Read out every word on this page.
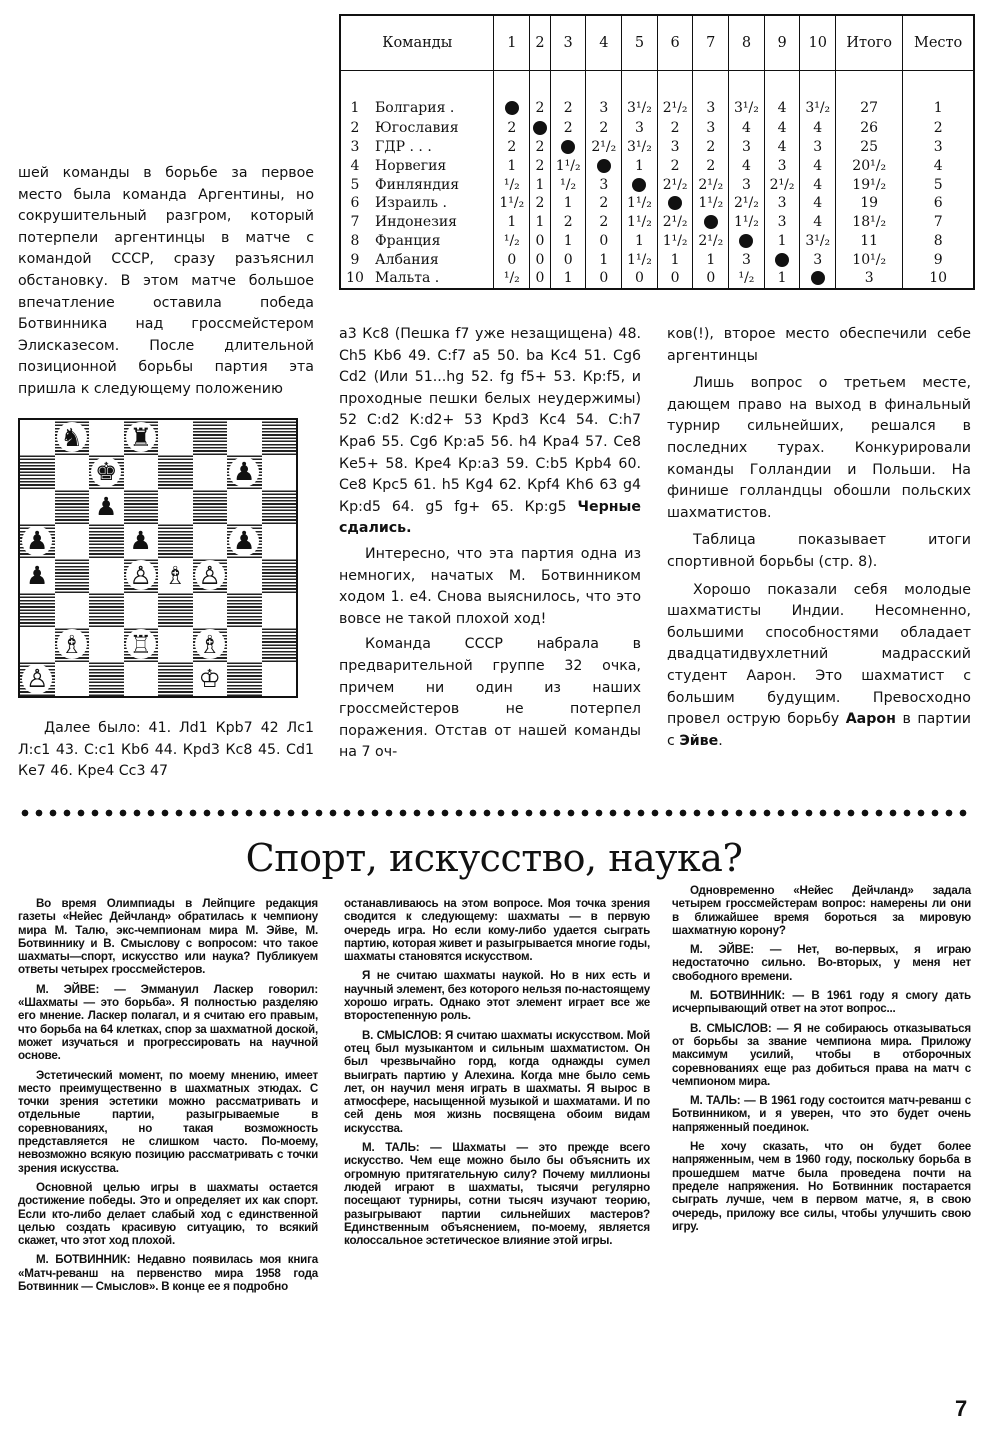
Команды		1	2	3	4	5	6	7	8	9	10	Итого	Место
1	Болгария .		2	2	3	3¹/₂	2¹/₂	3	3¹/₂	4	3¹/₂	27	1
2	Югославия	2		2	2	3	2	3	4	4	4	26	2
3	ГДР . . .	2	2		2¹/₂	3¹/₂	3	2	3	4	3	25	3
4	Норвегия	1	2	1¹/₂		1	2	2	4	3	4	20¹/₂	4
5	Финляндия	¹/₂	1	¹/₂	3		2¹/₂	2¹/₂	3	2¹/₂	4	19¹/₂	5
6	Израиль .	1¹/₂	2	1	2	1¹/₂		1¹/₂	2¹/₂	3	4	19	6
7	Индонезия	1	1	2	2	1¹/₂	2¹/₂		1¹/₂	3	4	18¹/₂	7
8	Франция	¹/₂	0	1	0	1	1¹/₂	2¹/₂		1	3¹/₂	11	8
9	Албания	0	0	0	1	1¹/₂	1	1	3		3	10¹/₂	9
10	Мальта .	¹/₂	0	1	0	0	0	0	¹/₂	1		3	10

шей команды в борьбе за первое место была команда Аргентины, но сокрушительный разгром, который потерпели аргентинцы в матче с командой СССР, сразу разъяснил обстановку. В этом матче большое впечатление оставила победа Ботвинника над гроссмейстером Элисказесом. После длительной позиционной борьбы партия эта пришла к следующему положению

♞ ♜
♚	♟
♟
♟	♟	♟
♟	♙ ♗ ♙
♗ ♖ ♗
♙	♔

Далее было: 41. Лd1 Крb7 42 Лс1 Л:с1 43. С:с1 Кb6 44. Крd3 Кс8 45. Сd1 Ке7 46. Кре4 Сс3 47

а3 Кс8 (Пешка f7 уже незащищена) 48. Сh5 Кb6 49. С:f7 а5 50. bа Кс4 51. Сg6 Сd2 (Или 51...hg 52. fg f5+ 53. Кр:f5, и проходные пешки белых неудержимы) 52 С:d2 К:d2+ 53 Крd3 Кс4 54. С:h7 Кра6 55. Сg6 Кр:а5 56. h4 Кра4 57. Се8 Ке5+ 58. Кре4 Кр:а3 59. С:b5 Крb4 60. Се8 Крс5 61. h5 Кg4 62. Крf4 Кh6 63 g4 Кр:d5 64. g5 fg+ 65. Кр:g5 Черные сдались.

Интересно, что эта партия одна из немногих, начатых М. Ботвинником ходом 1. е4. Снова выяснилось, что это вовсе не такой плохой ход!

Команда СССР набрала в предварительной группе 32 очка, причем ни один из наших гроссмейстеров не потерпел поражения. Отстав от нашей команды на 7 оч-

ков(!), второе место обеспечили себе аргентинцы

Лишь вопрос о третьем месте, дающем право на выход в финальный турнир сильнейших, решался в последних турах. Конкурировали команды Голландии и Польши. На финише голландцы обошли польских шахматистов.

Таблица показывает итоги спортивной борьбы (стр. 8).

Хорошо показали себя молодые шахматисты Индии. Несомненно, большими способностями обладает двадцатидвухлетний мадрасский студент Аарон. Это шахматист с большим будущим. Превосходно провел острую борьбу Аарон в партии с Эйве.

Спорт, искусство, наука?

Во время Олимпиады в Лейпциге редакция газеты «Нейес Дейчланд» обратилась к чемпиону мира М. Талю, экс-чемпионам мира М. Эйве, М. Ботвиннику и В. Смыслову с вопросом: что такое шахматы—спорт, искусство или наука? Публикуем ответы четырех гроссмейстеров.

М. ЭЙВЕ: — Эммануил Ласкер говорил: «Шахматы — это борьба». Я полностью разделяю его мнение. Ласкер полагал, и я считаю его правым, что борьба на 64 клетках, спор за шахматной доской, может изучаться и прогрессировать на научной основе.

Эстетический момент, по моему мнению, имеет место преимущественно в шахматных этюдах. С точки зрения эстетики можно рассматривать и отдельные партии, разыгрываемые в соревнованиях, но такая возможность представляется не слишком часто. По-моему, невозможно всякую позицию рассматривать с точки зрения искусства.

Основной целью игры в шахматы остается достижение победы. Это и определяет их как спорт. Если кто-либо делает слабый ход с единственной целью создать красивую ситуацию, то всякий скажет, что этот ход плохой.

М. БОТВИННИК: Недавно появилась моя книга «Матч-реванш на первенство мира 1958 года Ботвинник — Смыслов». В конце ее я подробно

останавливаюсь на этом вопросе. Моя точка зрения сводится к следующему: шахматы — в первую очередь игра. Но если кому-либо удается сыграть партию, которая живет и разыгрывается многие годы, шахматы становятся искусством.

Я не считаю шахматы наукой. Но в них есть и научный элемент, без которого нельзя по-настоящему хорошо играть. Однако этот элемент играет все же второстепенную роль.

В. СМЫСЛОВ: Я считаю шахматы искусством. Мой отец был музыкантом и сильным шахматистом. Он был чрезвычайно горд, когда однажды сумел выиграть партию у Алехина. Когда мне было семь лет, он научил меня играть в шахматы. Я вырос в атмосфере, насыщенной музыкой и шахматами. И по сей день моя жизнь посвящена обоим видам искусства.

М. ТАЛЬ: — Шахматы — это прежде всего искусство. Чем еще можно было бы объяснить их огромную притягательную силу? Почему миллионы людей играют в шахматы, тысячи регулярно посещают турниры, сотни тысяч изучают теорию, разыгрывают партии сильнейших мастеров? Единственным объяснением, по-моему, является колоссальное эстетическое влияние этой игры.

Одновременно «Нейес Дейчланд» задала четырем гроссмейстерам вопрос: намерены ли они в ближайшее время бороться за мировую шахматную корону?

М. ЭЙВЕ: — Нет, во-первых, я играю недостаточно сильно. Во-вторых, у меня нет свободного времени.

М. БОТВИННИК: — В 1961 году я смогу дать исчерпывающий ответ на этот вопрос...

В. СМЫСЛОВ: — Я не собираюсь отказываться от борьбы за звание чемпиона мира. Приложу максимум усилий, чтобы в отборочных соревнованиях еще раз добиться права на матч с чемпионом мира.

М. ТАЛЬ: — В 1961 году состоится матч-реванш с Ботвинником, и я уверен, что это будет очень напряженный поединок.

Не хочу сказать, что он будет более напряженным, чем в 1960 году, поскольку борьба в прошедшем матче была проведена почти на пределе напряжения. Но Ботвинник постарается сыграть лучше, чем в первом матче, я, в свою очередь, приложу все силы, чтобы улучшить свою игру.

7
